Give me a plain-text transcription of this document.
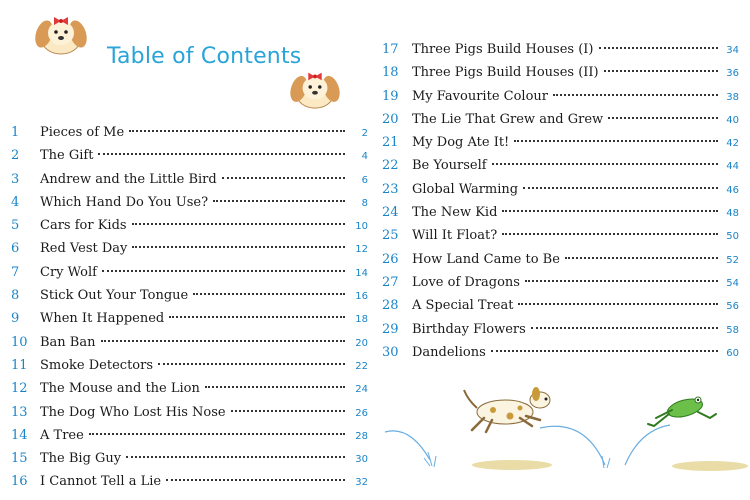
Table of Contents
1	Pieces of Me	2
2	The Gift	4
3	Andrew and the Little Bird	6
4	Which Hand Do You Use?	8
5	Cars for Kids	10
6	Red Vest Day	12
7	Cry Wolf	14
8	Stick Out Your Tongue	16
9	When It Happened	18
10 Ban Ban	20
11 Smoke Detectors	22
12 The Mouse and the Lion	24
13 The Dog Who Lost His Nose	26
14 A Tree	28
15 The Big Guy	30
16 I Cannot Tell a Lie	32
17	Three Pigs Build Houses (I)	34
18	Three Pigs Build Houses (II)	36
19	My Favourite Colour	38
20	The Lie That Grew and Grew	40
21	My Dog Ate It!	42
22	Be Yourself	44
23	Global Warming	46
24	The New Kid	48
25	Will It Float?	50
26	How Land Came to Be	52
27	Love of Dragons	54
28	A Special Treat	56
29	Birthday Flowers	58
30	Dandelions	60
